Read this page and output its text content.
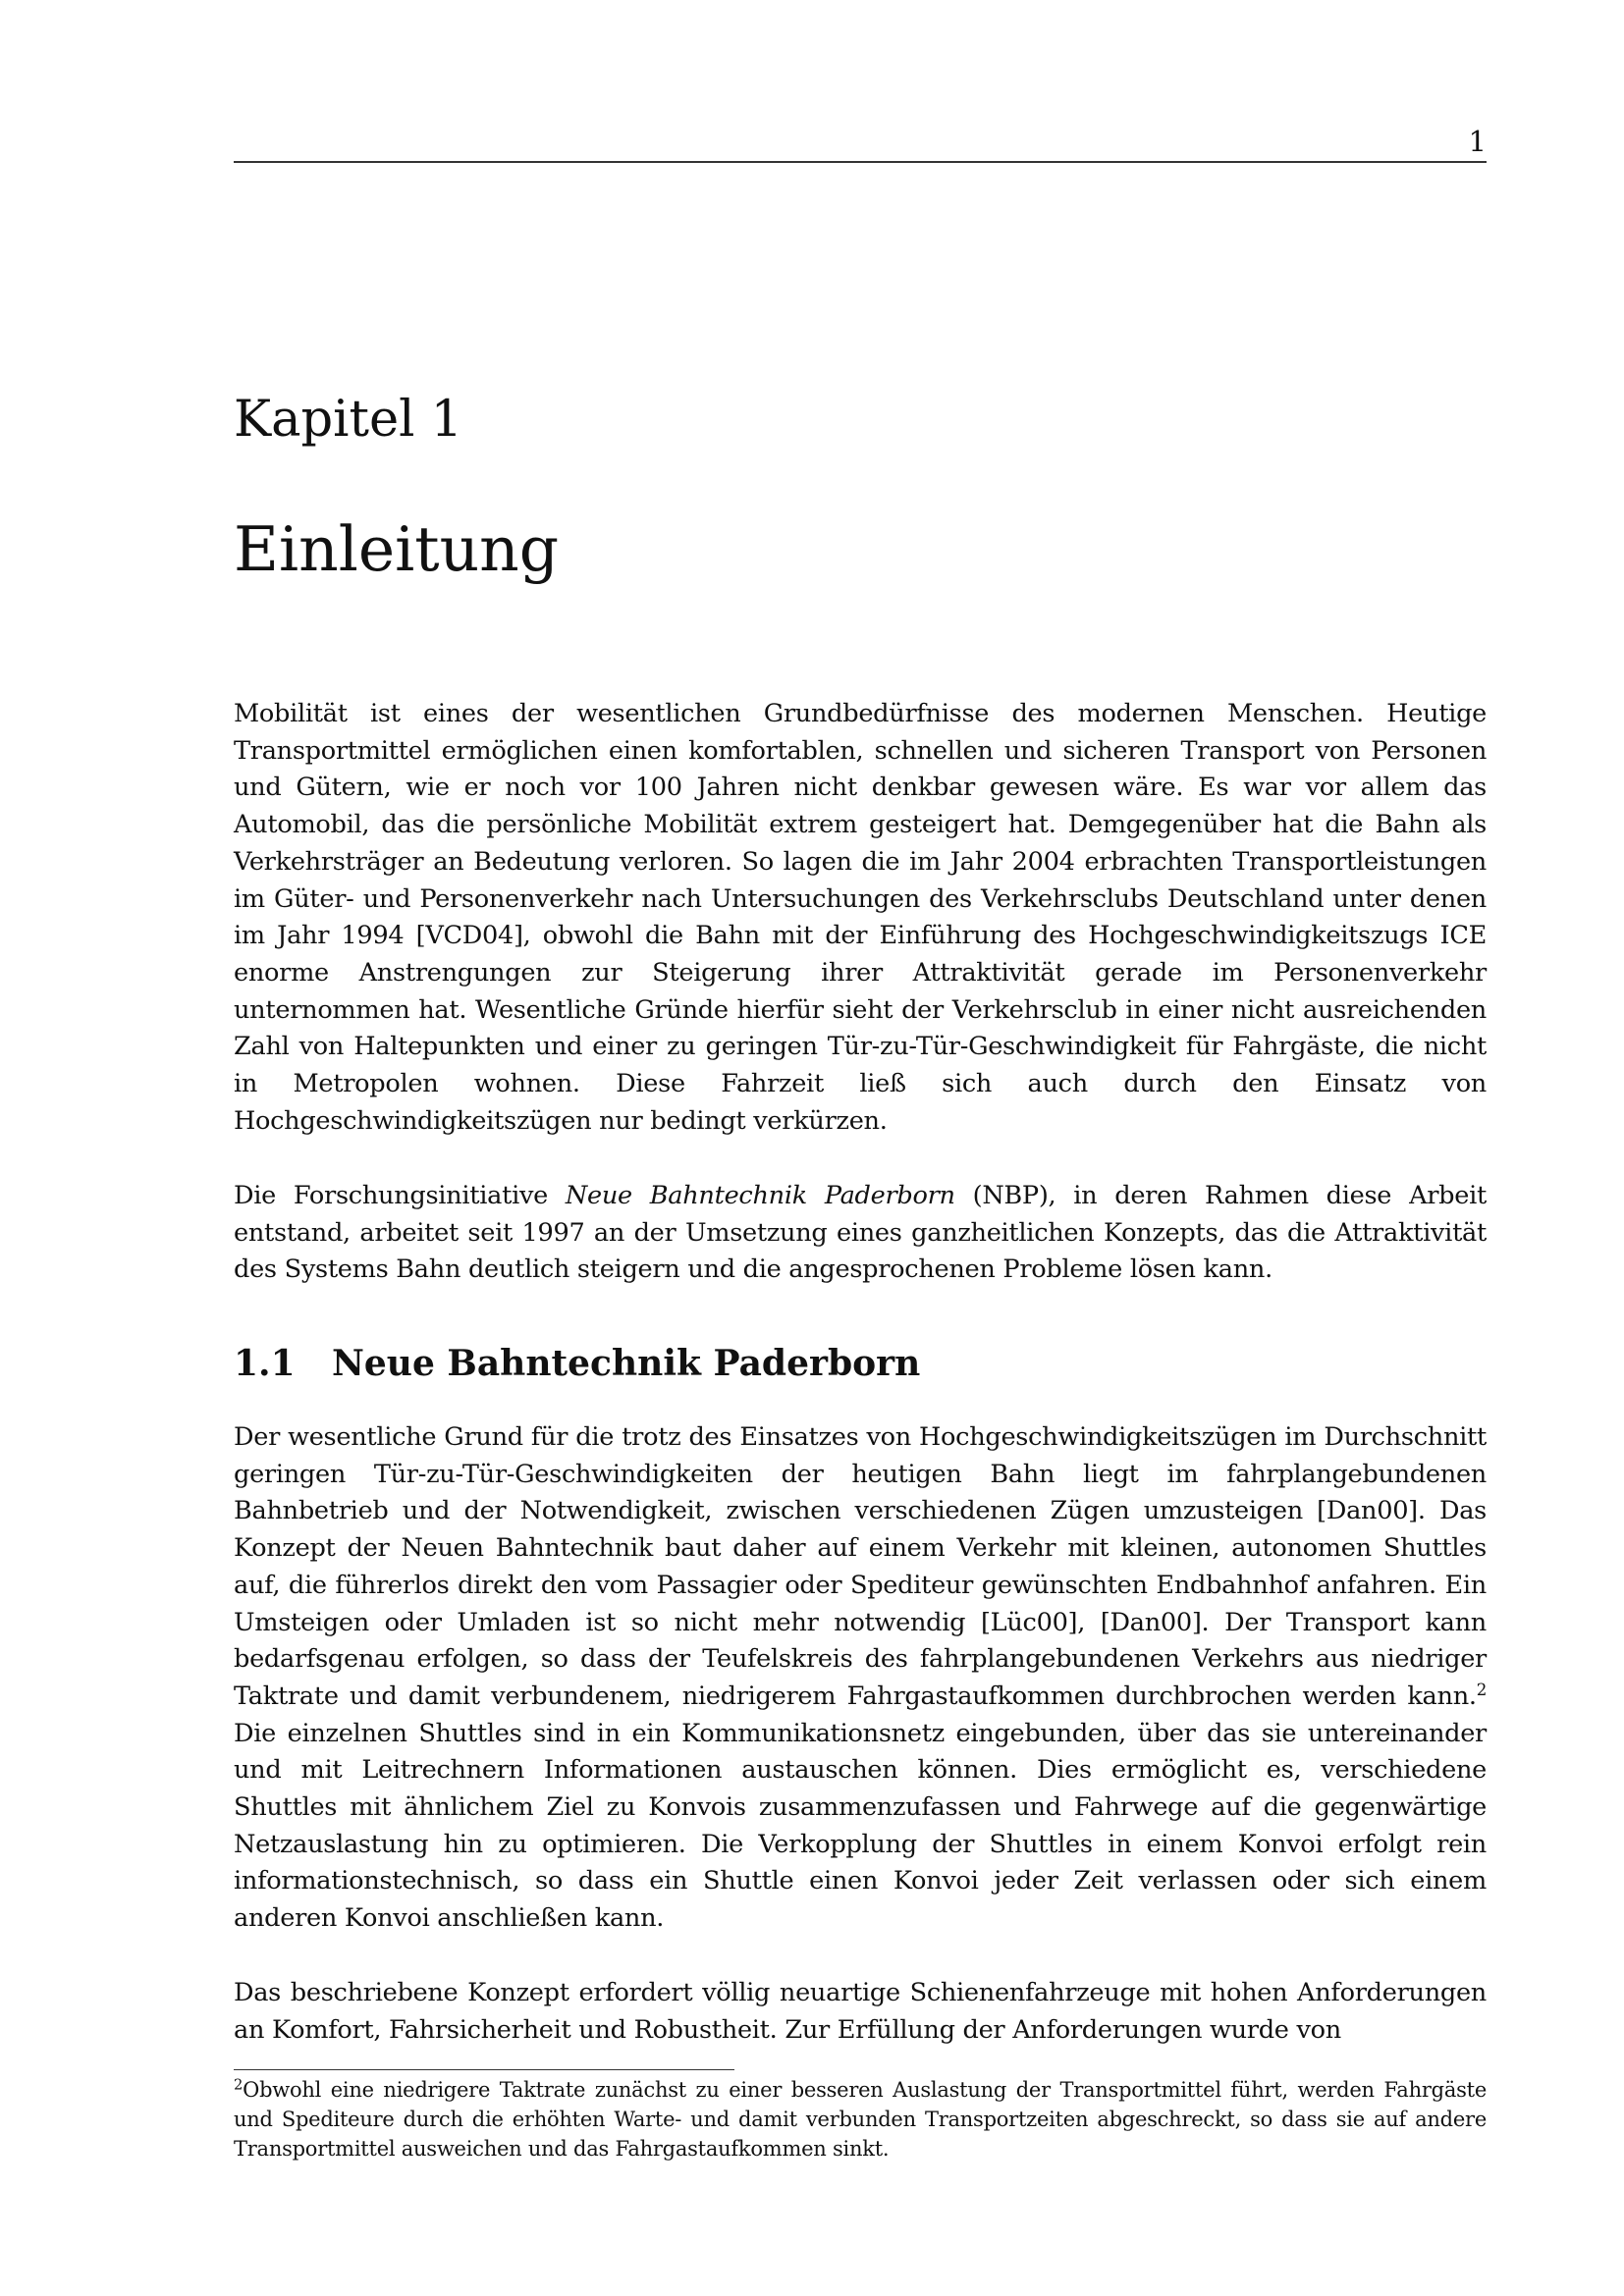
1
Kapitel 1
Einleitung

Mobilität ist eines der wesentlichen Grundbedürfnisse des modernen Menschen. Heutige Transportmittel ermöglichen einen komfortablen, schnellen und sicheren Transport von Personen und Gütern, wie er noch vor 100 Jahren nicht denkbar gewesen wäre. Es war vor allem das Automobil, das die persönliche Mobilität extrem gesteigert hat. Demgegenüber hat die Bahn als Verkehrsträger an Bedeutung verloren. So lagen die im Jahr 2004 erbrachten Transportleistungen im Güter- und Personenverkehr nach Untersuchungen des Verkehrsclubs Deutschland unter denen im Jahr 1994 [VCD04], obwohl die Bahn mit der Einführung des Hochgeschwindigkeitszugs ICE enorme Anstrengungen zur Steigerung ihrer Attraktivität gerade im Personenverkehr unternommen hat. Wesentliche Gründe hierfür sieht der Verkehrsclub in einer nicht ausreichenden Zahl von Haltepunkten und einer zu geringen Tür-zu-Tür-Geschwindigkeit für Fahrgäste, die nicht in Metropolen wohnen. Diese Fahrzeit ließ sich auch durch den Einsatz von Hochgeschwindigkeitszügen nur bedingt verkürzen.

Die Forschungsinitiative Neue Bahntechnik Paderborn (NBP), in deren Rahmen diese Arbeit entstand, arbeitet seit 1997 an der Umsetzung eines ganzheitlichen Konzepts, das die Attraktivität des Systems Bahn deutlich steigern und die angesprochenen Probleme lösen kann.

1.1 Neue Bahntechnik Paderborn

Der wesentliche Grund für die trotz des Einsatzes von Hochgeschwindigkeitszügen im Durchschnitt geringen Tür-zu-Tür-Geschwindigkeiten der heutigen Bahn liegt im fahrplangebundenen Bahnbetrieb und der Notwendigkeit, zwischen verschiedenen Zügen umzusteigen [Dan00]. Das Konzept der Neuen Bahntechnik baut daher auf einem Verkehr mit kleinen, autonomen Shuttles auf, die führerlos direkt den vom Passagier oder Spediteur gewünschten Endbahnhof anfahren. Ein Umsteigen oder Umladen ist so nicht mehr notwendig [Lüc00], [Dan00]. Der Transport kann bedarfsgenau erfolgen, so dass der Teufelskreis des fahrplangebundenen Verkehrs aus niedriger Taktrate und damit verbundenem, niedrigerem Fahrgastaufkommen durchbrochen werden kann.$^2$ Die einzelnen Shuttles sind in ein Kommunikationsnetz eingebunden, über das sie untereinander und mit Leitrechnern Informationen austauschen können. Dies ermöglicht es, verschiedene Shuttles mit ähnlichem Ziel zu Konvois zusammenzufassen und Fahrwege auf die gegenwärtige Netzauslastung hin zu optimieren. Die Verkopplung der Shuttles in einem Konvoi erfolgt rein informationstechnisch, so dass ein Shuttle einen Konvoi jeder Zeit verlassen oder sich einem anderen Konvoi anschließen kann.

Das beschriebene Konzept erfordert völlig neuartige Schienenfahrzeuge mit hohen Anforderungen an Komfort, Fahrsicherheit und Robustheit. Zur Erfüllung der Anforderungen wurde von

$^2$Obwohl eine niedrigere Taktrate zunächst zu einer besseren Auslastung der Transportmittel führt, werden Fahrgäste und Spediteure durch die erhöhten Warte- und damit verbunden Transportzeiten abgeschreckt, so dass sie auf andere Transportmittel ausweichen und das Fahrgastaufkommen sinkt.
